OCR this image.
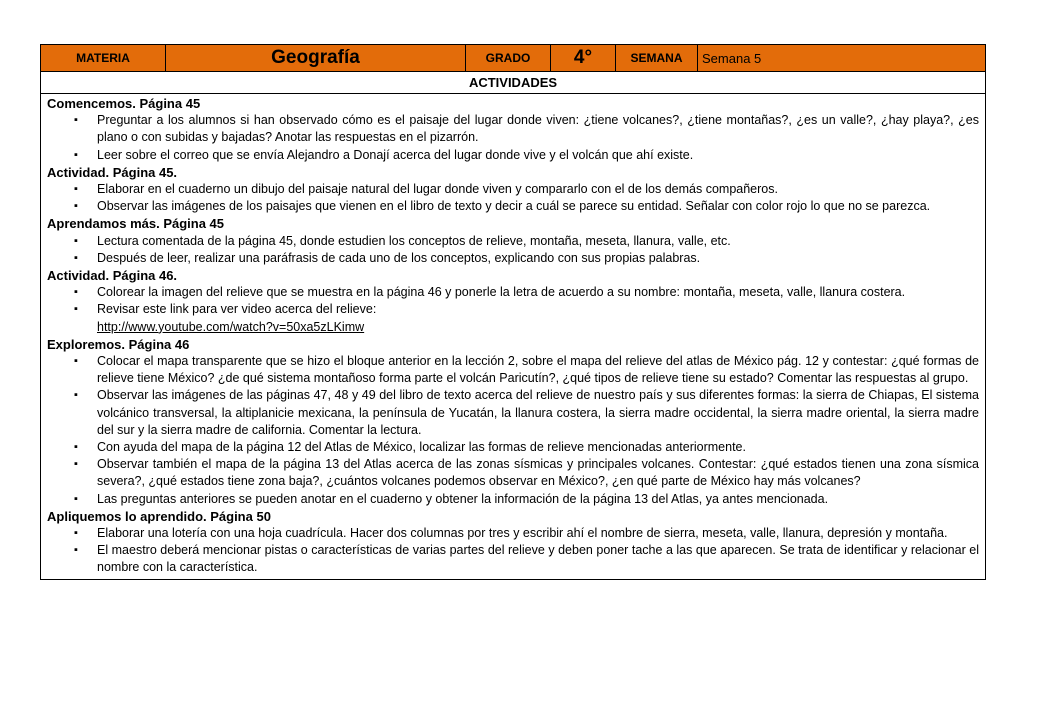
MATERIA	Geografía	GRADO	4°	SEMANA	Semana 5
ACTIVIDADES

Comencemos. Página 45
▪ Preguntar a los alumnos si han observado cómo es el paisaje del lugar donde viven: ¿tiene volcanes?, ¿tiene montañas?, ¿es un valle?, ¿hay playa?, ¿es plano o con subidas y bajadas? Anotar las respuestas en el pizarrón.
▪ Leer sobre el correo que se envía Alejandro a Donají acerca del lugar donde vive y el volcán que ahí existe.
Actividad. Página 45.
▪ Elaborar en el cuaderno un dibujo del paisaje natural del lugar donde viven y compararlo con el de los demás compañeros.
▪ Observar las imágenes de los paisajes que vienen en el libro de texto y decir a cuál se parece su entidad. Señalar con color rojo lo que no se parezca.
Aprendamos más. Página 45
▪ Lectura comentada de la página 45, donde estudien los conceptos de relieve, montaña, meseta, llanura, valle, etc.
▪ Después de leer, realizar una paráfrasis de cada uno de los conceptos, explicando con sus propias palabras.
Actividad. Página 46.
▪ Colorear la imagen del relieve que se muestra en la página 46 y ponerle la letra de acuerdo a su nombre: montaña, meseta, valle, llanura costera.
▪ Revisar este link para ver video acerca del relieve:
http://www.youtube.com/watch?v=50xa5zLKimw
Exploremos. Página 46
▪ Colocar el mapa transparente que se hizo el bloque anterior en la lección 2, sobre el mapa del relieve del atlas de México pág. 12 y contestar: ¿qué formas de relieve tiene México? ¿de qué sistema montañoso forma parte el volcán Paricutín?, ¿qué tipos de relieve tiene su estado? Comentar las respuestas al grupo.
▪ Observar las imágenes de las páginas 47, 48 y 49 del libro de texto acerca del relieve de nuestro país y sus diferentes formas: la sierra de Chiapas, El sistema volcánico transversal, la altiplanicie mexicana, la península de Yucatán, la llanura costera, la sierra madre occidental, la sierra madre oriental, la sierra madre del sur y la sierra madre de california. Comentar la lectura.
▪ Con ayuda del mapa de la página 12 del Atlas de México, localizar las formas de relieve mencionadas anteriormente.
▪ Observar también el mapa de la página 13 del Atlas acerca de las zonas sísmicas y principales volcanes. Contestar: ¿qué estados tienen una zona sísmica severa?, ¿qué estados tiene zona baja?, ¿cuántos volcanes podemos observar en México?, ¿en qué parte de México hay más volcanes?
▪ Las preguntas anteriores se pueden anotar en el cuaderno y obtener la información de la página 13 del Atlas, ya antes mencionada.
Apliquemos lo aprendido. Página 50
▪ Elaborar una lotería con una hoja cuadrícula. Hacer dos columnas por tres y escribir ahí el nombre de sierra, meseta, valle, llanura, depresión y montaña.
▪ El maestro deberá mencionar pistas o características de varias partes del relieve y deben poner tache a las que aparecen. Se trata de identificar y relacionar el nombre con la característica.
